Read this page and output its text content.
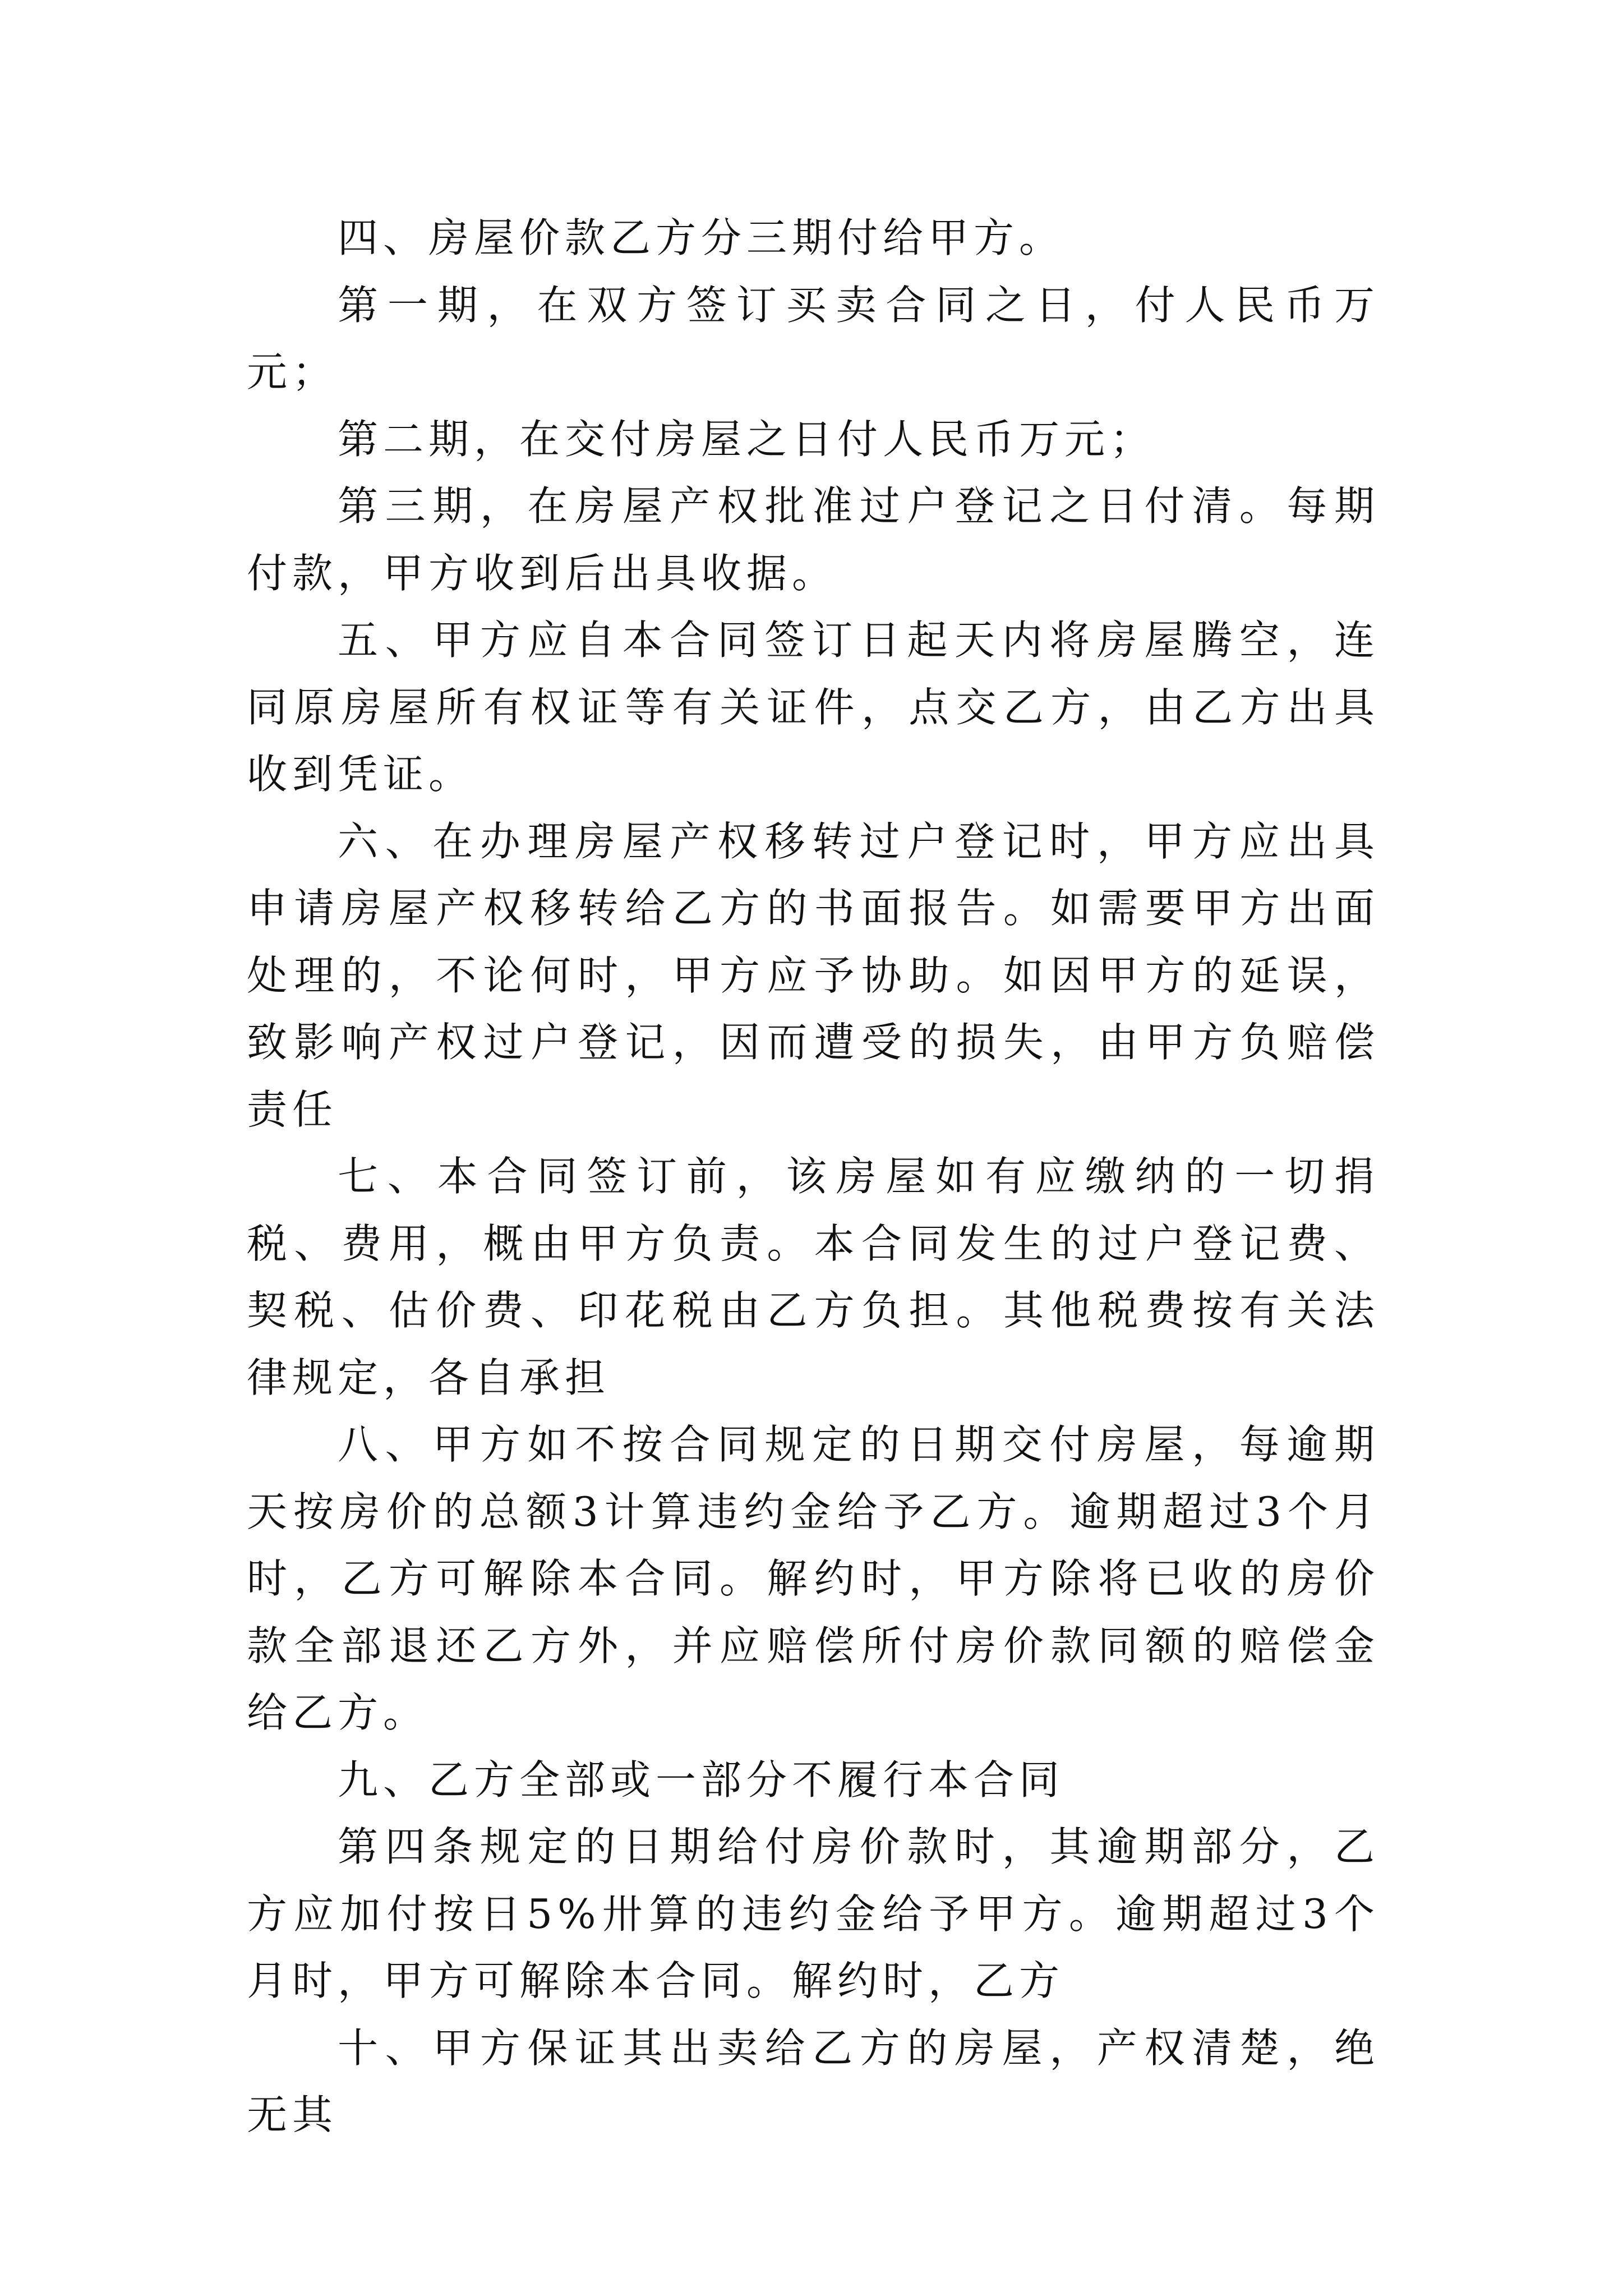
四、房屋价款乙方分三期付给甲方。

第一期，在双方签订买卖合同之日，付人民币万元；

第二期，在交付房屋之日付人民币万元；

第三期，在房屋产权批准过户登记之日付清。每期付款，甲方收到后出具收据。

五、甲方应自本合同签订日起天内将房屋腾空，连同原房屋所有权证等有关证件，点交乙方，由乙方出具收到凭证。

六、在办理房屋产权移转过户登记时，甲方应出具申请房屋产权移转给乙方的书面报告。如需要甲方出面处理的，不论何时，甲方应予协助。如因甲方的延误，致影响产权过户登记，因而遭受的损失，由甲方负赔偿责任

七、本合同签订前，该房屋如有应缴纳的一切捐税、费用，概由甲方负责。本合同发生的过户登记费、契税、估价费、印花税由乙方负担。其他税费按有关法律规定，各自承担

八、甲方如不按合同规定的日期交付房屋，每逾期天按房价的总额3计算违约金给予乙方。逾期超过3个月时，乙方可解除本合同。解约时，甲方除将已收的房价款全部退还乙方外，并应赔偿所付房价款同额的赔偿金给乙方。

九、乙方全部或一部分不履行本合同

第四条规定的日期给付房价款时，其逾期部分，乙方应加付按日5%卅算的违约金给予甲方。逾期超过3个月时，甲方可解除本合同。解约时，乙方

十、甲方保证其出卖给乙方的房屋，产权清楚，绝无其
